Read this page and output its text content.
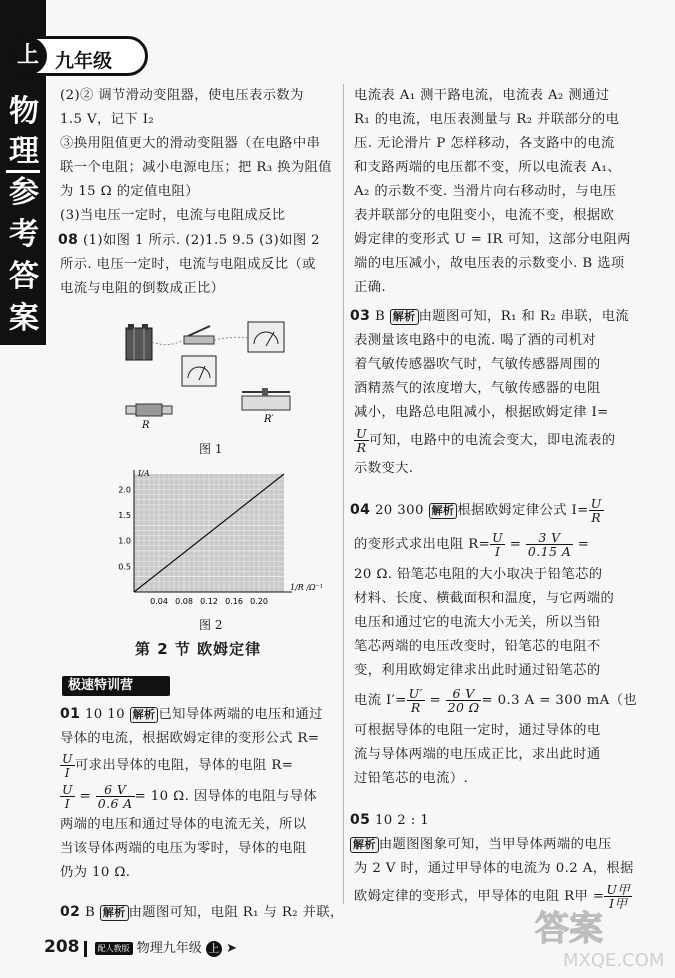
上 九年级
物
理
参
考
答
案

(2)② 调节滑动变阻器，使电压表示数为

1.5 V，记下 I₂

③换用阻值更大的滑动变阻器（在电路中串

联一个电阻；减小电源电压；把 R₃ 换为阻值

为 15 Ω 的定值电阻）

(3)当电压一定时，电流与电阻成反比

08 (1)如图 1 所示. (2)1.5 9.5 (3)如图 2

所示. 电压一定时，电流与电阻成反比（或

电流与电阻的倒数成正比）

R
R′
图 1
0.04 0.08 0.12 0.16 0.20
0.5
1.0
1.5
2.0
1/R /Ω⁻¹
I/A
图 2
第 2 节 欧姆定律
极速特训营

01 10 10 解析 已知导体两端的电压和通过

导体的电流，根据欧姆定律的变形公式 R=

$\frac{U}{I}$ 可求出导体的电阻，导体的电阻 R=

$\frac{U}{I} = \frac{6 V}{0.6 A} = 10$ Ω. 因导体的电阻与导体

两端的电压和通过导体的电流无关，所以

当该导体两端的电压为零时，导体的电阻

仍为 10 Ω.

02 B 解析 由题图可知，电阻 R₁ 与 R₂ 并联，

电流表 A₁ 测干路电流，电流表 A₂ 测通过

R₁ 的电流，电压表测量与 R₂ 并联部分的电

压. 无论滑片 P 怎样移动，各支路中的电流

和支路两端的电压都不变，所以电流表 A₁、

A₂ 的示数不变. 当滑片向右移动时，与电压

表并联部分的电阻变小，电流不变，根据欧

姆定律的变形式 U = IR 可知，这部分电阻两

端的电压减小，故电压表的示数变小. B 选项

正确.

03 B 解析 由题图可知，R₁ 和 R₂ 串联，电流

表测量该电路中的电流. 喝了酒的司机对

着气敏传感器吹气时，气敏传感器周围的

酒精蒸气的浓度增大，气敏传感器的电阻

减小，电路总电阻减小，根据欧姆定律 I=

$\frac{U}{R}$ 可知，电路中的电流会变大，即电流表的

示数变大.

04 20 300 解析 根据欧姆定律公式 $I= \frac{U}{R}$

的变形式求出电阻 $R= \frac{U}{I} = \frac{3 V}{0.15 A}$ =

20 Ω. 铅笔芯电阻的大小取决于铅笔芯的

材料、长度、横截面积和温度，与它两端的

电压和通过它的电流大小无关，所以当铅

笔芯两端的电压改变时，铅笔芯的电阻不

变，利用欧姆定律求出此时通过铅笔芯的

电流 $I'= \frac{U'}{R} = \frac{6 V}{20 \Omega} = 0.3$ A = 300 mA（也

可根据导体的电阻一定时，通过导体的电

流与导体两端的电压成正比，求出此时通

过铅笔芯的电流）.

05 10 2 : 1

解析 由题图图象可知，当甲导体两端的电压

为 2 V 时，通过甲导体的电流为 0.2 A，根据

欧姆定律的变形式，甲导体的电阻 R甲 = $\frac{\text{U甲}}{\text{I甲}}$

208 配人教版 物理九年级 上 ➤	答案
MXQE.COM
